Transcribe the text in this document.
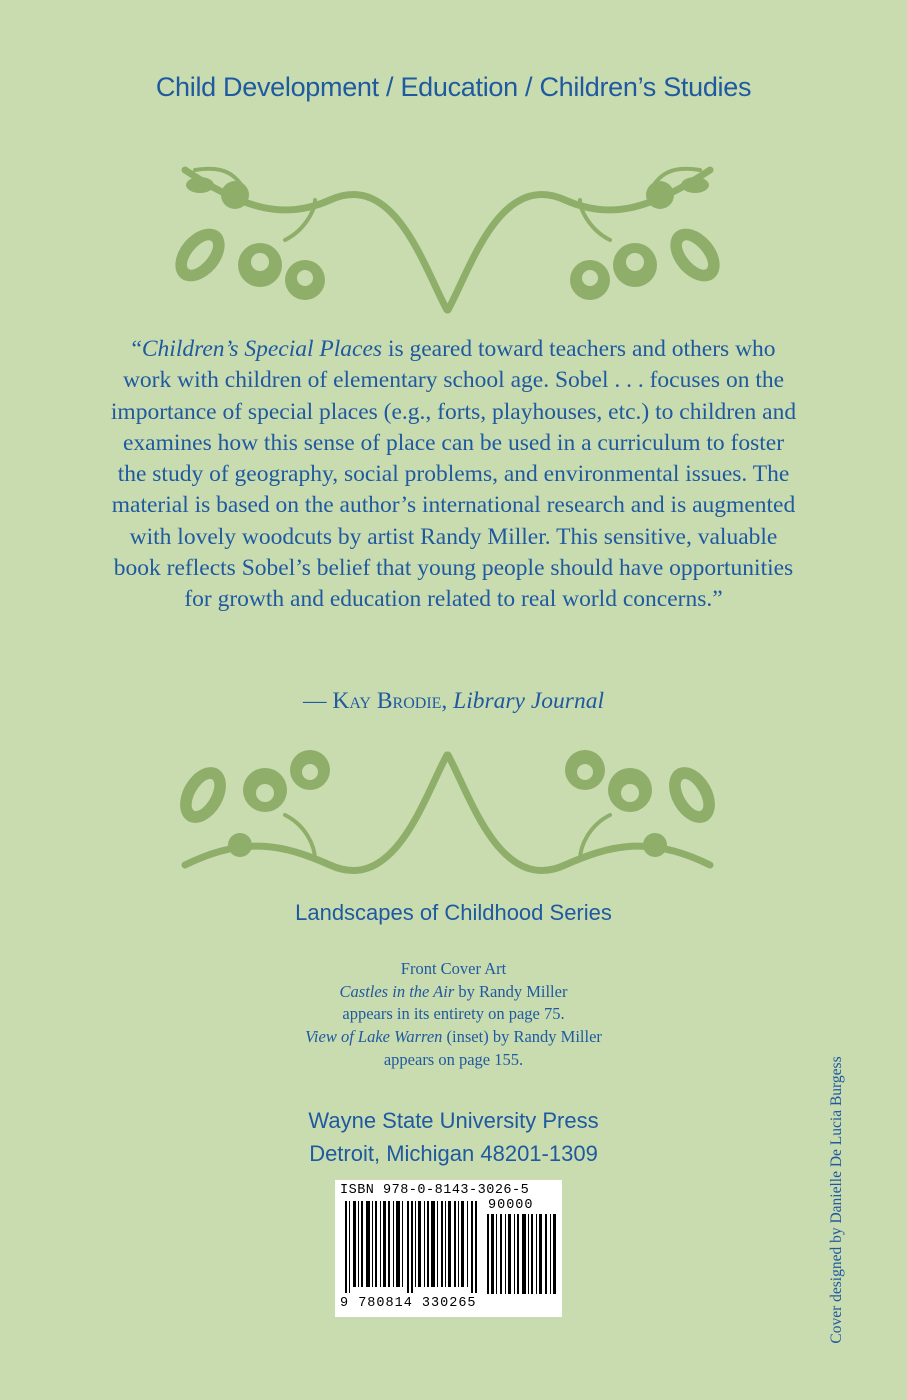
Child Development / Education / Children’s Studies
“Children’s Special Places is geared toward teachers and others who work with children of elementary school age. Sobel . . . focuses on the importance of special places (e.g., forts, playhouses, etc.) to children and examines how this sense of place can be used in a curriculum to foster the study of geography, social problems, and environmental issues. The material is based on the author’s international research and is augmented with lovely woodcuts by artist Randy Miller. This sensitive, valuable book reflects Sobel’s belief that young people should have opportunities for growth and education related to real world concerns.”
— Kay Brodie, Library Journal
Landscapes of Childhood Series
Front Cover Art
Castles in the Air by Randy Miller
appears in its entirety on page 75.
View of Lake Warren (inset) by Randy Miller
appears on page 155.
Wayne State University Press
Detroit, Michigan 48201-1309
ISBN 978-0-8143-3026-5
90000
9 780814 330265	Cover designed by Danielle De Lucia Burgess
